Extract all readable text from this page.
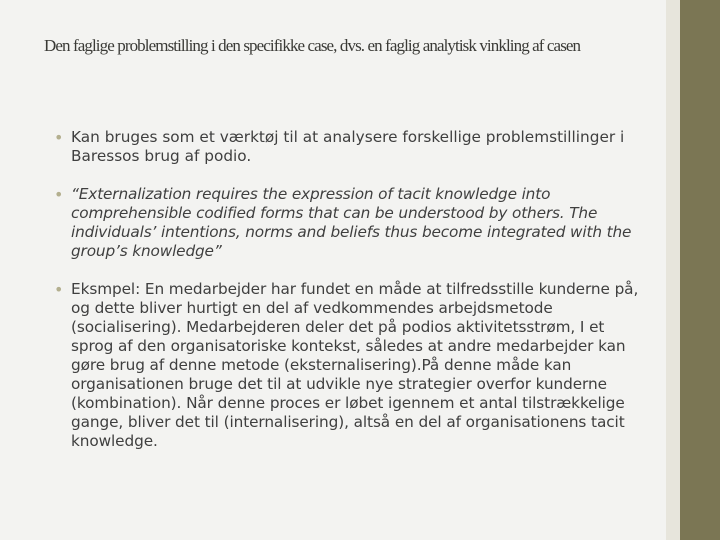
Den faglige problemstilling i den specifikke case, dvs. en faglig analytisk vinkling af casen
• Kan bruges som et værktøj til at analysere forskellige problemstillinger i Baressos brug af podio.
• “Externalization requires the expression of tacit knowledge into comprehensible codified forms that can be understood by others. The individuals’ intentions, norms and beliefs thus become integrated with the group’s knowledge”
• Eksmpel: En medarbejder har fundet en måde at tilfredsstille kunderne på, og dette bliver hurtigt en del af vedkommendes arbejdsmetode (socialisering). Medarbejderen deler det på podios aktivitetsstrøm, I et sprog af den organisatoriske kontekst, således at andre medarbejder kan gøre brug af denne metode (eksternalisering).På denne måde kan organisationen bruge det til at udvikle nye strategier overfor kunderne (kombination). Når denne proces er løbet igennem et antal tilstrækkelige gange, bliver det til (internalisering), altså en del af organisationens tacit knowledge.
